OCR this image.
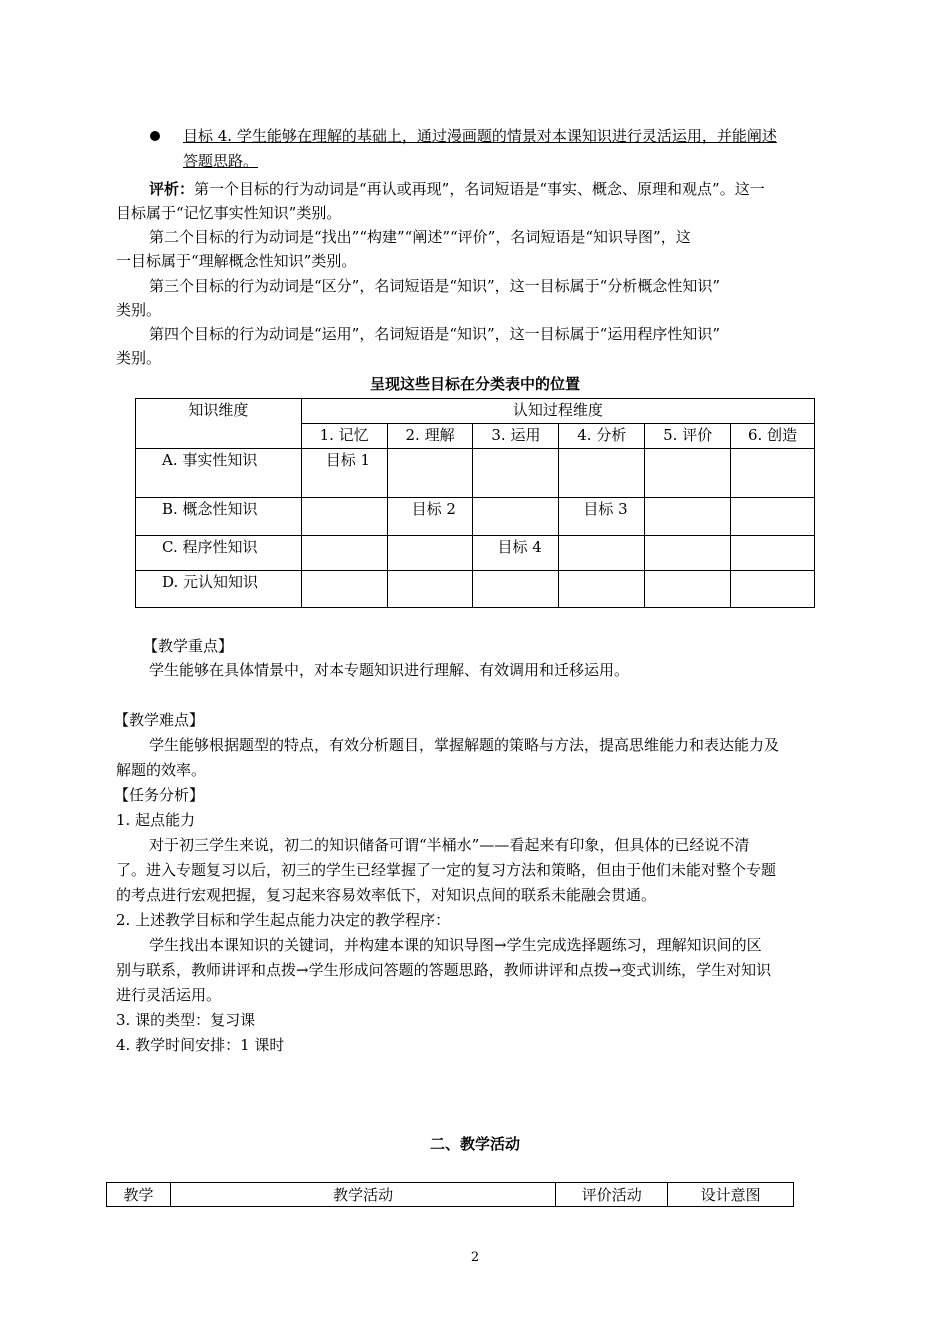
目标 4. 学生能够在理解的基础上，通过漫画题的情景对本课知识进行灵活运用，并能阐述
答题思路。
评析：第一个目标的行为动词是“再认或再现”，名词短语是“事实、概念、原理和观点”。这一
目标属于“记忆事实性知识”类别。
第二个目标的行为动词是“找出”“构建”“阐述”“评价”，名词短语是“知识导图”，这
一目标属于“理解概念性知识”类别。
第三个目标的行为动词是“区分”，名词短语是“知识”，这一目标属于“分析概念性知识”
类别。
第四个目标的行为动词是“运用”，名词短语是“知识”，这一目标属于“运用程序性知识”
类别。
呈现这些目标在分类表中的位置
知识维度	认知过程维度					
	1. 记忆	2. 理解	3. 运用	4. 分析	5. 评价	6. 创造
A. 事实性知识	目标 1					
B. 概念性知识		目标 2		目标 3		
C. 程序性知识			目标 4			
D. 元认知知识						
【教学重点】
学生能够在具体情景中，对本专题知识进行理解、有效调用和迁移运用。
【教学难点】
学生能够根据题型的特点，有效分析题目，掌握解题的策略与方法，提高思维能力和表达能力及
解题的效率。
【任务分析】
1. 起点能力
对于初三学生来说，初二的知识储备可谓“半桶水”——看起来有印象，但具体的已经说不清
了。进入专题复习以后，初三的学生已经掌握了一定的复习方法和策略，但由于他们未能对整个专题
的考点进行宏观把握，复习起来容易效率低下，对知识点间的联系未能融会贯通。
2. 上述教学目标和学生起点能力决定的教学程序：
学生找出本课知识的关键词，并构建本课的知识导图→学生完成选择题练习，理解知识间的区
别与联系，教师讲评和点拨→学生形成问答题的答题思路，教师讲评和点拨→变式训练，学生对知识
进行灵活运用。
3. 课的类型：复习课
4. 教学时间安排：1 课时
二、教学活动
教学	教学活动	评价活动	设计意图
2
